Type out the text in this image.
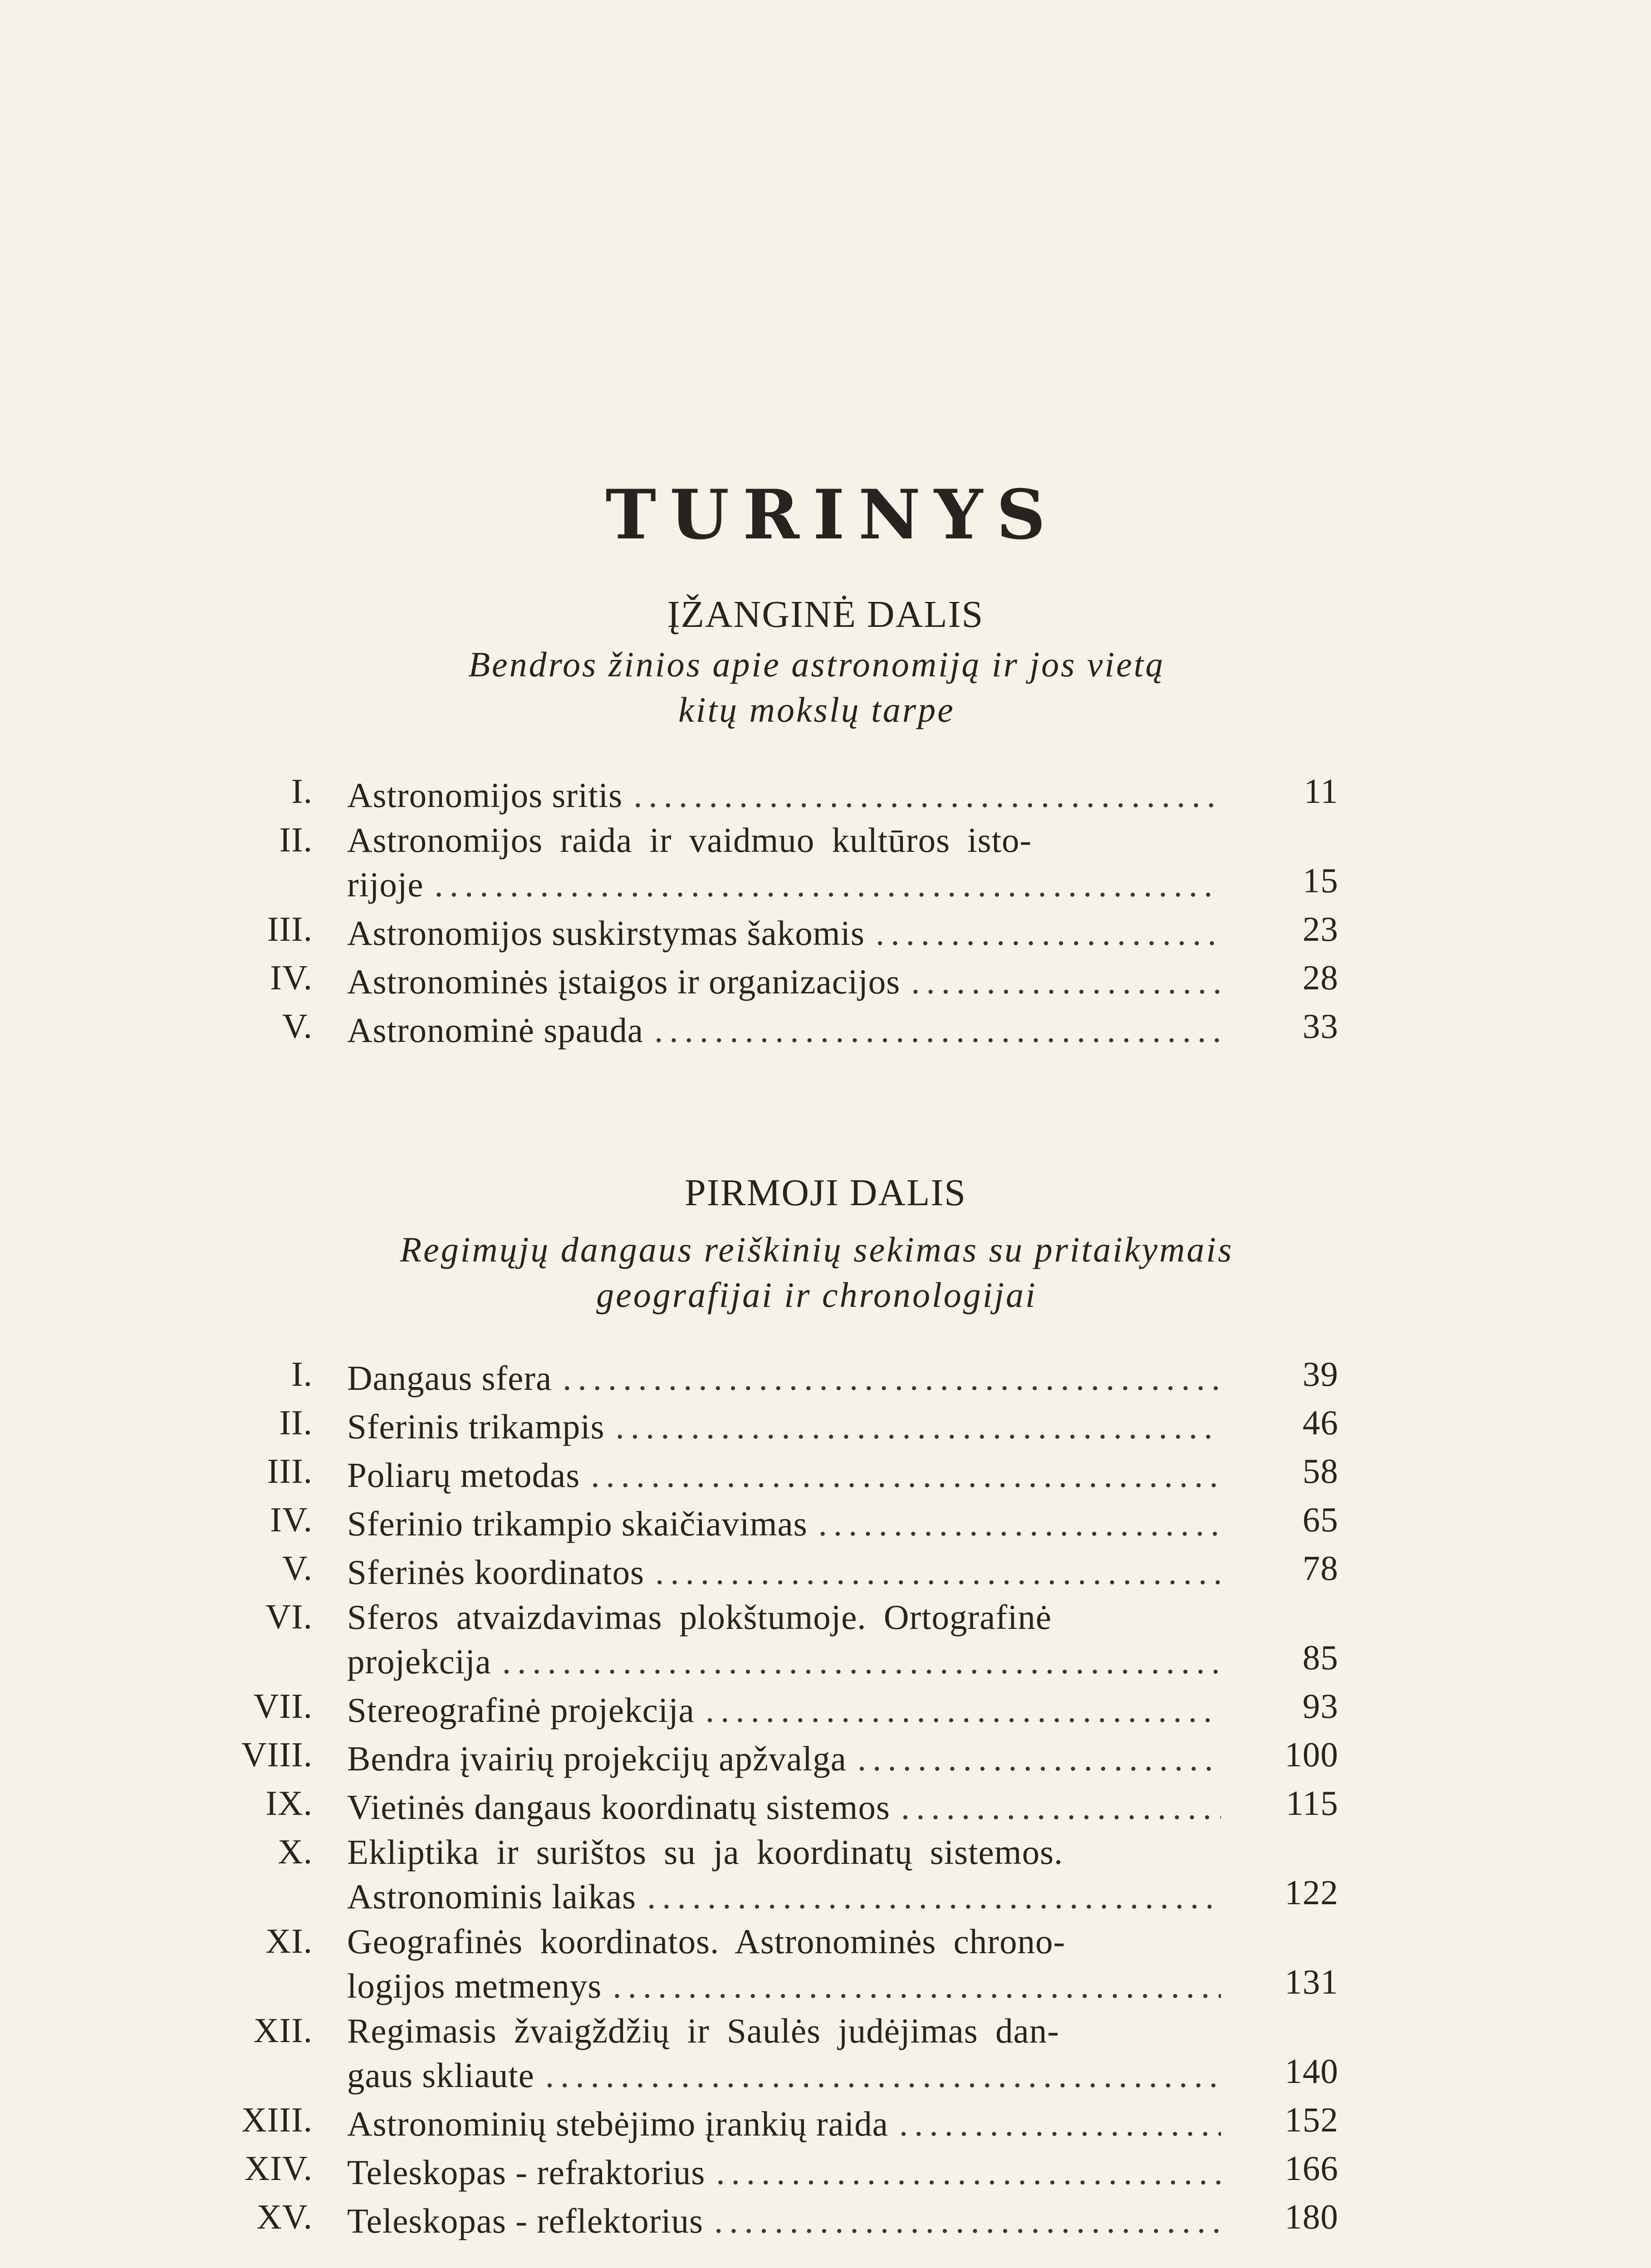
TURINYS
ĮŽANGINĖ DALIS
Bendros žinios apie astronomiją ir jos vietą
kitų mokslų tarpe
I. Astronomijos sritis .....	11
II. Astronomijos raida ir vaidmuo kultūros isto-
rijoje .....	15
III. Astronomijos suskirstymas šakomis .....	23
IV. Astronominės įstaigos ir organizacijos .....	28
V. Astronominė spauda .....	33
PIRMOJI DALIS
Regimųjų dangaus reiškinių sekimas su pritaikymais
geografijai ir chronologijai
I. Dangaus sfera .....	39
II. Sferinis trikampis .....	46
III. Poliarų metodas .....	58
IV. Sferinio trikampio skaičiavimas .....	65
V. Sferinės koordinatos .....	78
VI. Sferos atvaizdavimas plokštumoje. Ortografinė
projekcija .....	85
VII. Stereografinė projekcija .....	93
VIII. Bendra įvairių projekcijų apžvalga .....	100
IX. Vietinės dangaus koordinatų sistemos .....	115
X. Ekliptika ir surištos su ja koordinatų sistemos.
Astronominis laikas .....	122
XI. Geografinės koordinatos. Astronominės chrono-
logijos metmenys .....	131
XII. Regimasis žvaigždžių ir Saulės judėjimas dan-
gaus skliaute .....	140
XIII. Astronominių stebėjimo įrankių raida .....	152
XIV. Teleskopas - refraktorius .....	166
XV. Teleskopas - reflektorius .....	180
